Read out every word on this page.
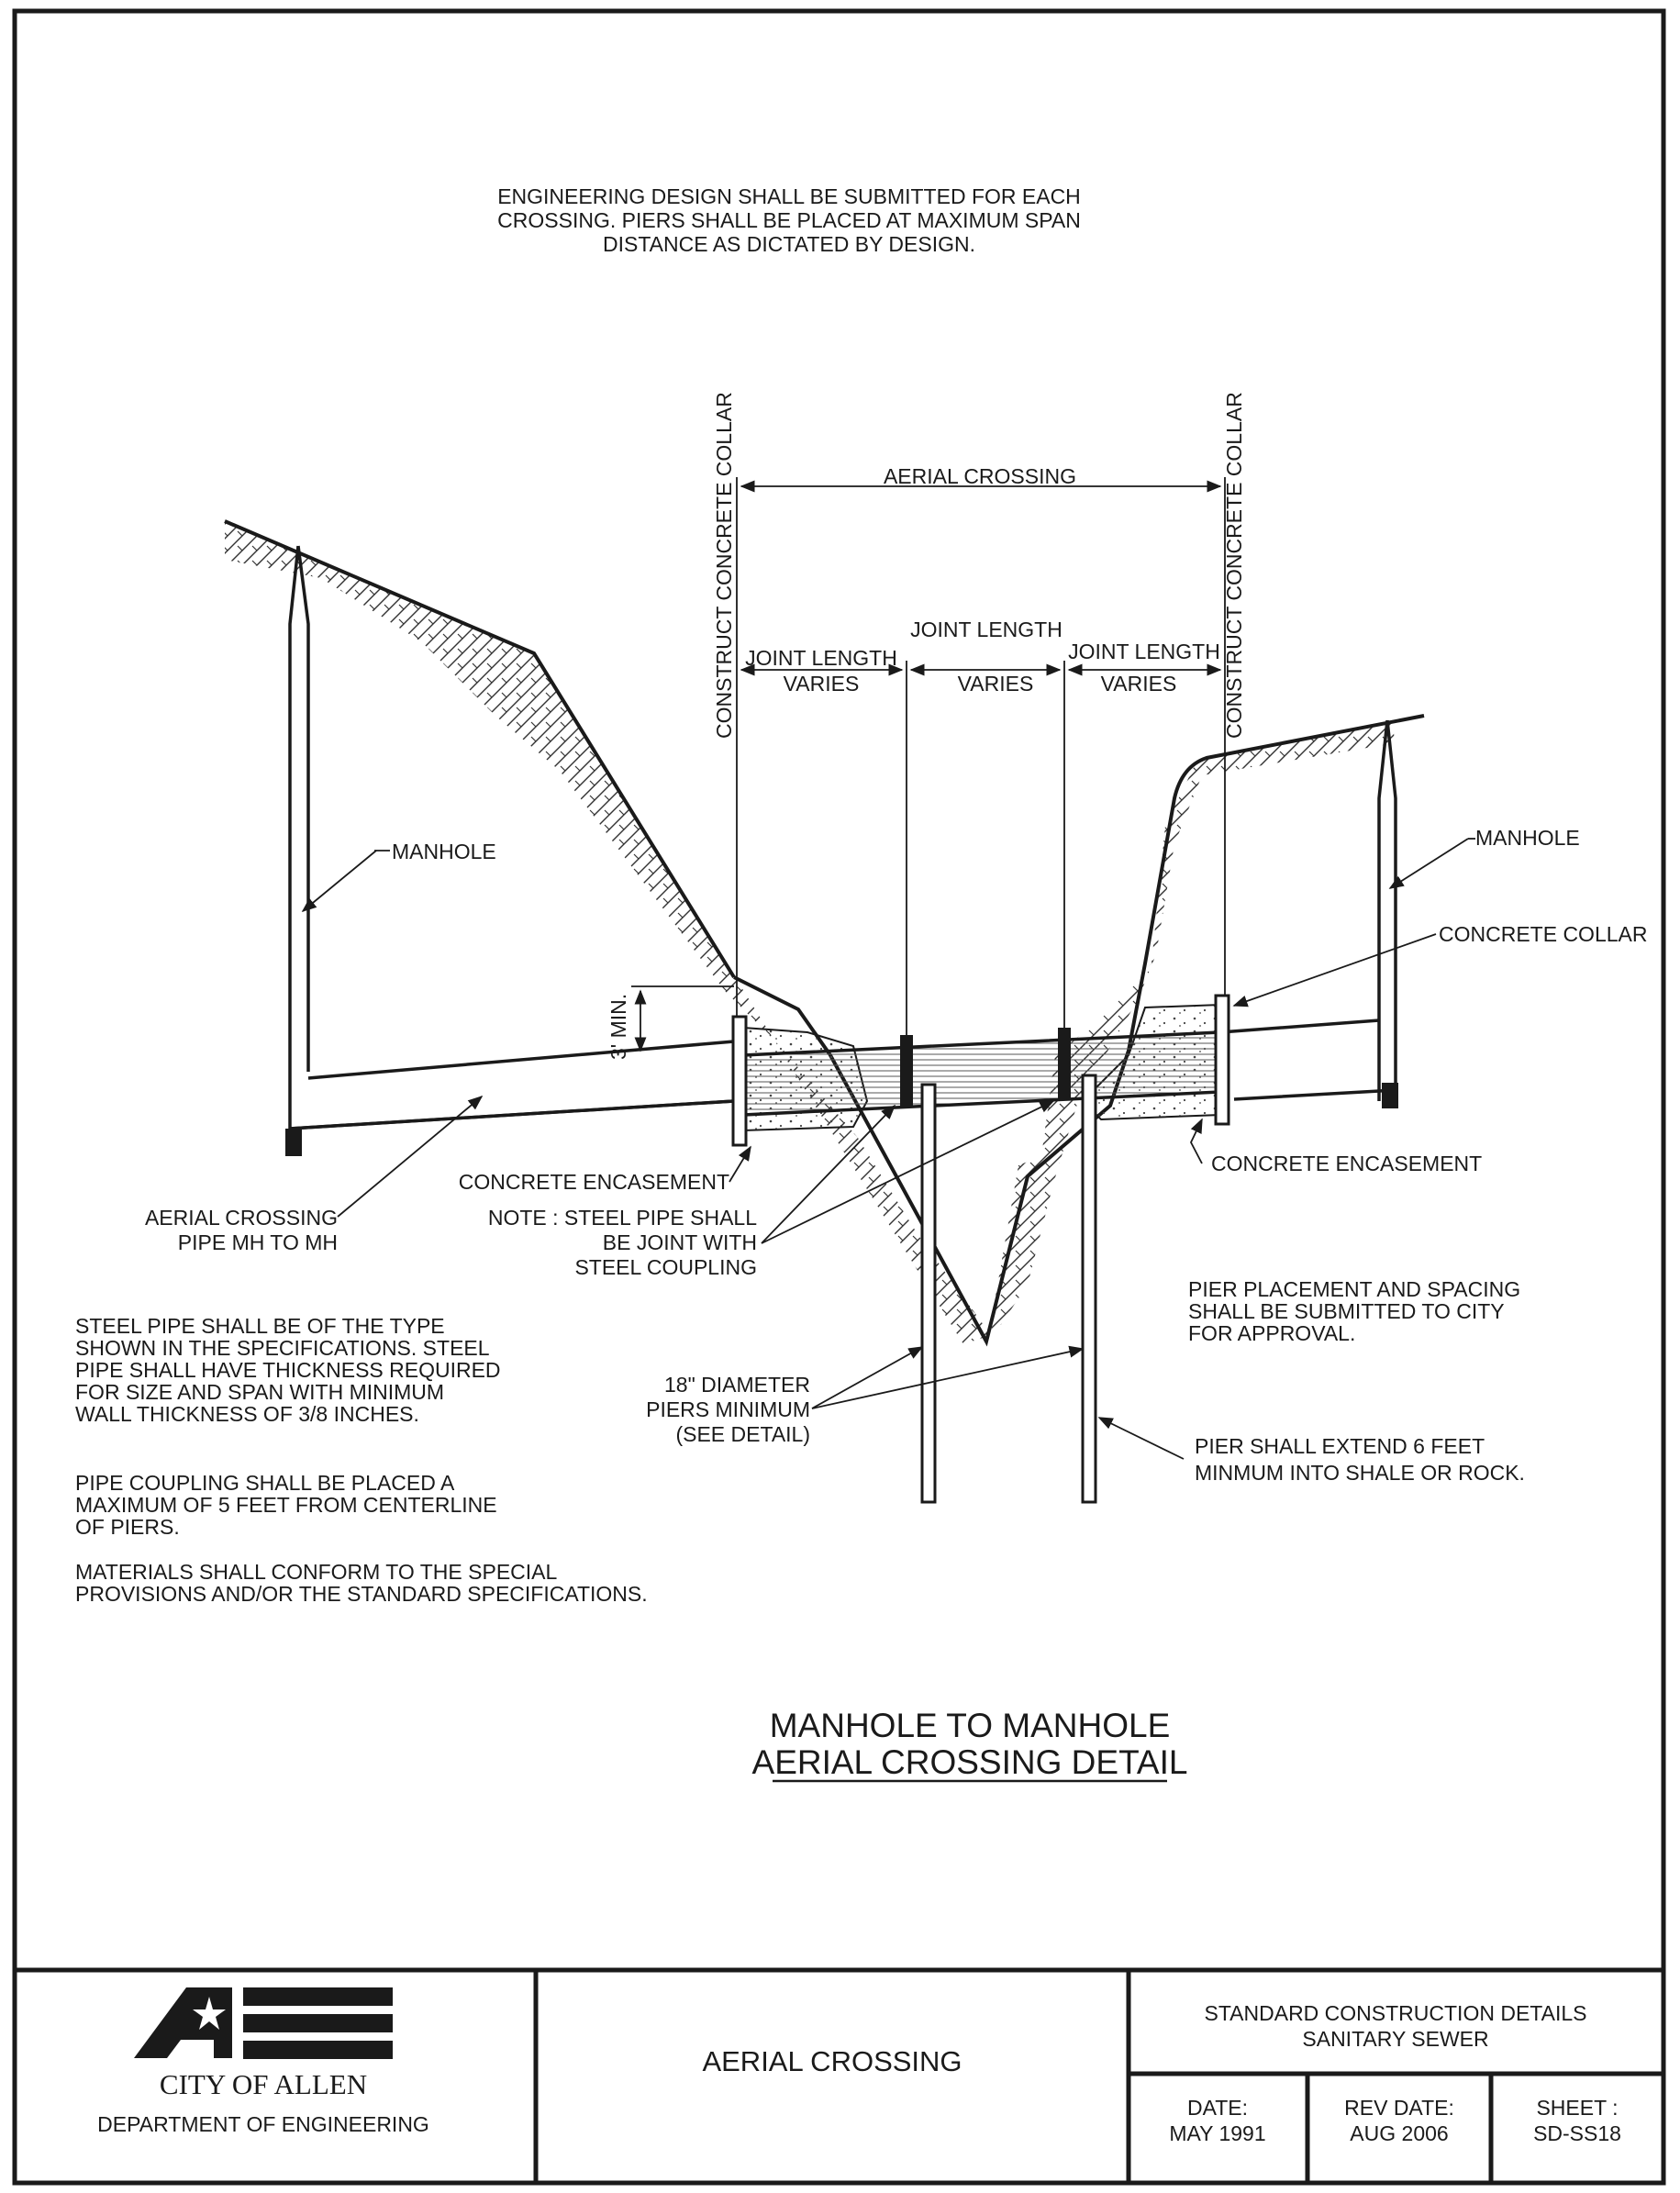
ENGINEERING DESIGN SHALL BE SUBMITTED FOR EACH
CROSSING. PIERS SHALL BE PLACED AT MAXIMUM SPAN
DISTANCE AS DICTATED BY DESIGN.
CONSTRUCT CONCRETE COLLAR	CONSTRUCT CONCRETE COLLAR
AERIAL CROSSING
JOINT LENGTH
JOINT LENGTH
JOINT LENGTH
VARIES	VARIES	VARIES
MANHOLE
MANHOLE
CONCRETE COLLAR
3' MIN.
CONCRETE ENCASEMENT
CONCRETE ENCASEMENT
AERIAL CROSSING
PIPE MH TO MH
NOTE : STEEL PIPE SHALL
BE JOINT WITH
STEEL COUPLING
18" DIAMETER
PIERS MINIMUM
(SEE DETAIL)
PIER PLACEMENT AND SPACING
SHALL BE SUBMITTED TO CITY
FOR APPROVAL.
PIER SHALL EXTEND 6 FEET
MINMUM INTO SHALE OR ROCK.
STEEL PIPE SHALL BE OF THE TYPE
SHOWN IN THE SPECIFICATIONS. STEEL
PIPE SHALL HAVE THICKNESS REQUIRED
FOR SIZE AND SPAN WITH MINIMUM
WALL THICKNESS OF 3/8 INCHES.
PIPE COUPLING SHALL BE PLACED A
MAXIMUM OF 5 FEET FROM CENTERLINE
OF PIERS.
MATERIALS SHALL CONFORM TO THE SPECIAL
PROVISIONS AND/OR THE STANDARD SPECIFICATIONS.
MANHOLE TO MANHOLE
AERIAL CROSSING DETAIL
CITY OF ALLEN
DEPARTMENT OF ENGINEERING
AERIAL CROSSING
STANDARD CONSTRUCTION DETAILS
SANITARY SEWER
DATE:
MAY 1991
REV DATE:
AUG 2006
SHEET :
SD-SS18
